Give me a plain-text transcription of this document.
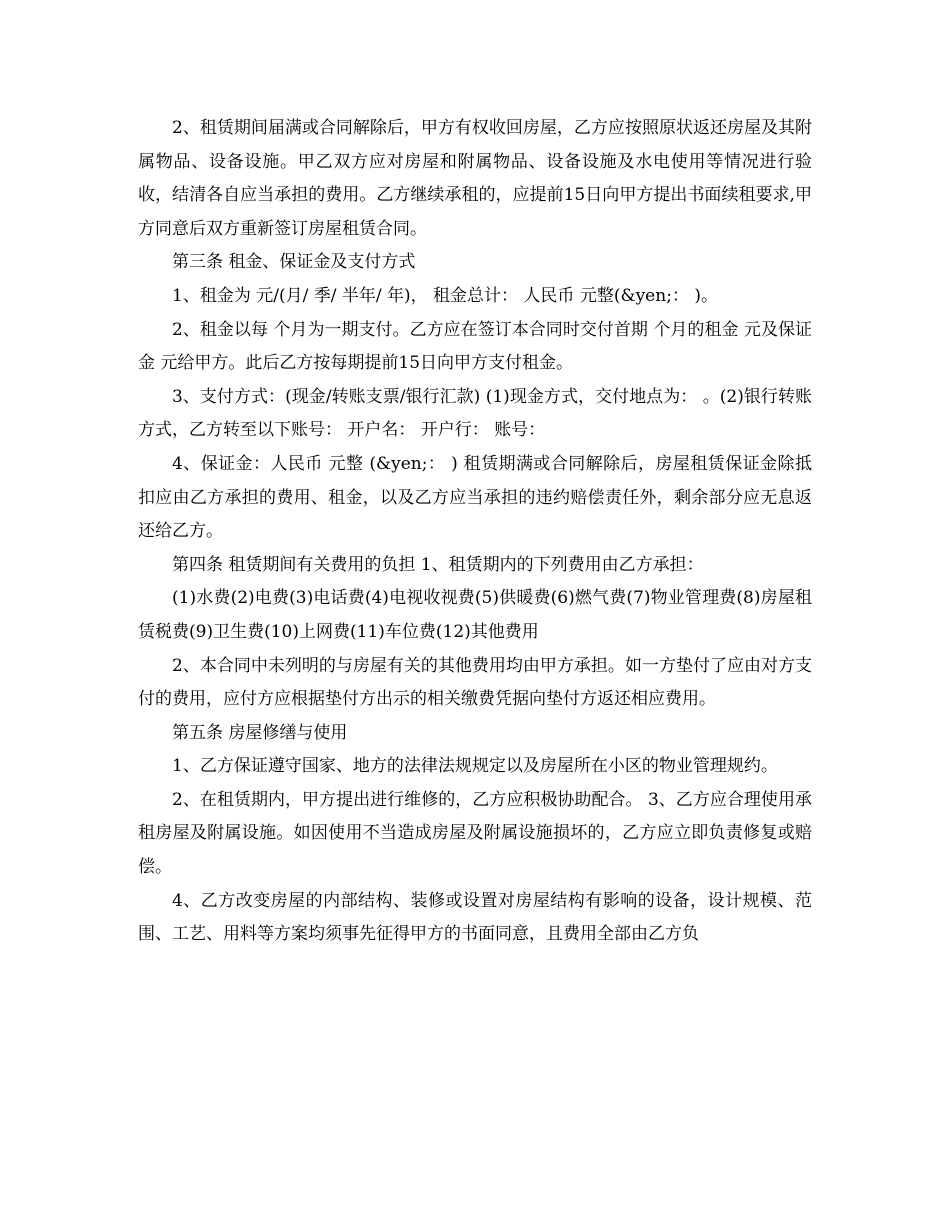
2、租赁期间届满或合同解除后，甲方有权收回房屋，乙方应按照原状返还房屋及其附属物品、设备设施。甲乙双方应对房屋和附属物品、设备设施及水电使用等情况进行验收，结清各自应当承担的费用。乙方继续承租的，应提前15日向甲方提出书面续租要求,甲方同意后双方重新签订房屋租赁合同。

第三条 租金、保证金及支付方式

1、租金为 元/(月/ 季/ 半年/ 年)， 租金总计： 人民币 元整(&yen;： )。

2、租金以每 个月为一期支付。乙方应在签订本合同时交付首期 个月的租金 元及保证金 元给甲方。此后乙方按每期提前15日向甲方支付租金。

3、支付方式：(现金/转账支票/银行汇款) (1)现金方式，交付地点为： 。(2)银行转账方式，乙方转至以下账号： 开户名： 开户行： 账号：

4、保证金：人民币 元整 (&yen;： ) 租赁期满或合同解除后，房屋租赁保证金除抵扣应由乙方承担的费用、租金，以及乙方应当承担的违约赔偿责任外，剩余部分应无息返还给乙方。

第四条 租赁期间有关费用的负担 1、租赁期内的下列费用由乙方承担：

(1)水费(2)电费(3)电话费(4)电视收视费(5)供暖费(6)燃气费(7)物业管理费(8)房屋租赁税费(9)卫生费(10)上网费(11)车位费(12)其他费用

2、本合同中未列明的与房屋有关的其他费用均由甲方承担。如一方垫付了应由对方支付的费用，应付方应根据垫付方出示的相关缴费凭据向垫付方返还相应费用。

第五条 房屋修缮与使用

1、乙方保证遵守国家、地方的法律法规规定以及房屋所在小区的物业管理规约。

2、在租赁期内，甲方提出进行维修的，乙方应积极协助配合。 3、乙方应合理使用承租房屋及附属设施。如因使用不当造成房屋及附属设施损坏的，乙方应立即负责修复或赔偿。

4、乙方改变房屋的内部结构、装修或设置对房屋结构有影响的设备，设计规模、范围、工艺、用料等方案均须事先征得甲方的书面同意，且费用全部由乙方负
